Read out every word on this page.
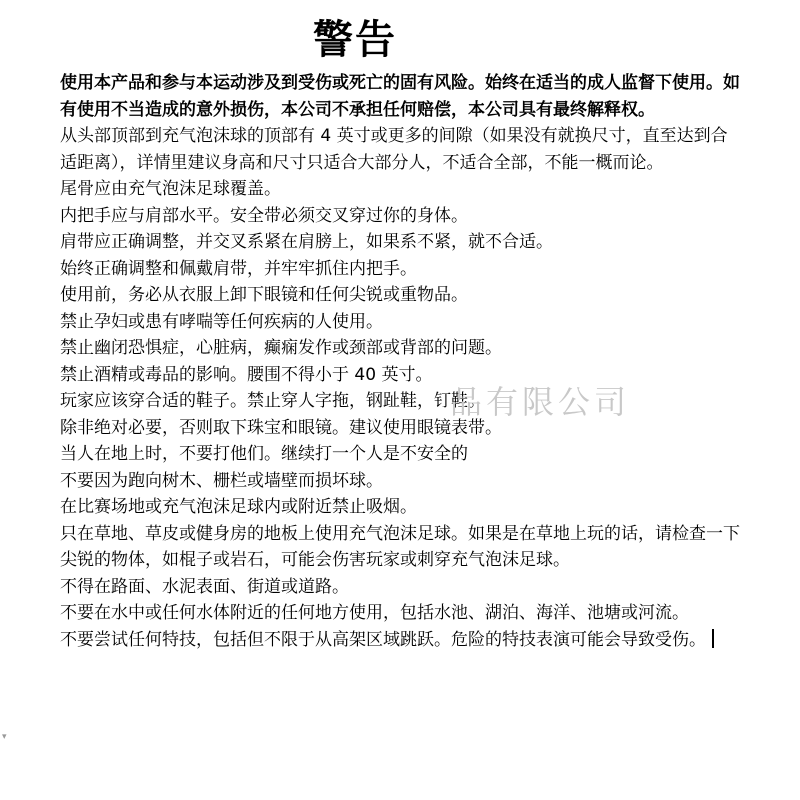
警告

使用本产品和参与本运动涉及到受伤或死亡的固有风险。始终在适当的成人监督下使用。如有使用不当造成的意外损伤，本公司不承担任何赔偿，本公司具有最终解释权。

从头部顶部到充气泡沫球的顶部有 4 英寸或更多的间隙（如果没有就换尺寸，直至达到合适距离），详情里建议身高和尺寸只适合大部分人，不适合全部，不能一概而论。

尾骨应由充气泡沫足球覆盖。

内把手应与肩部水平。安全带必须交叉穿过你的身体。

肩带应正确调整，并交叉系紧在肩膀上，如果系不紧，就不合适。

始终正确调整和佩戴肩带，并牢牢抓住内把手。

使用前，务必从衣服上卸下眼镜和任何尖锐或重物品。

禁止孕妇或患有哮喘等任何疾病的人使用。

禁止幽闭恐惧症，心脏病，癫痫发作或颈部或背部的问题。

禁止酒精或毒品的影响。腰围不得小于 40 英寸。

玩家应该穿合适的鞋子。禁止穿人字拖，钢趾鞋，钉鞋。

除非绝对必要，否则取下珠宝和眼镜。建议使用眼镜表带。

当人在地上时，不要打他们。继续打一个人是不安全的

不要因为跑向树木、栅栏或墙壁而损坏球。

在比赛场地或充气泡沫足球内或附近禁止吸烟。

只在草地、草皮或健身房的地板上使用充气泡沫足球。如果是在草地上玩的话，请检查一下

尖锐的物体，如棍子或岩石，可能会伤害玩家或刺穿充气泡沫足球。

不得在路面、水泥表面、街道或道路。

不要在水中或任何水体附近的任何地方使用，包括水池、湖泊、海洋、池塘或河流。

不要尝试任何特技，包括但不限于从高架区域跳跃。危险的特技表演可能会导致受伤。

品有限公司
▾
